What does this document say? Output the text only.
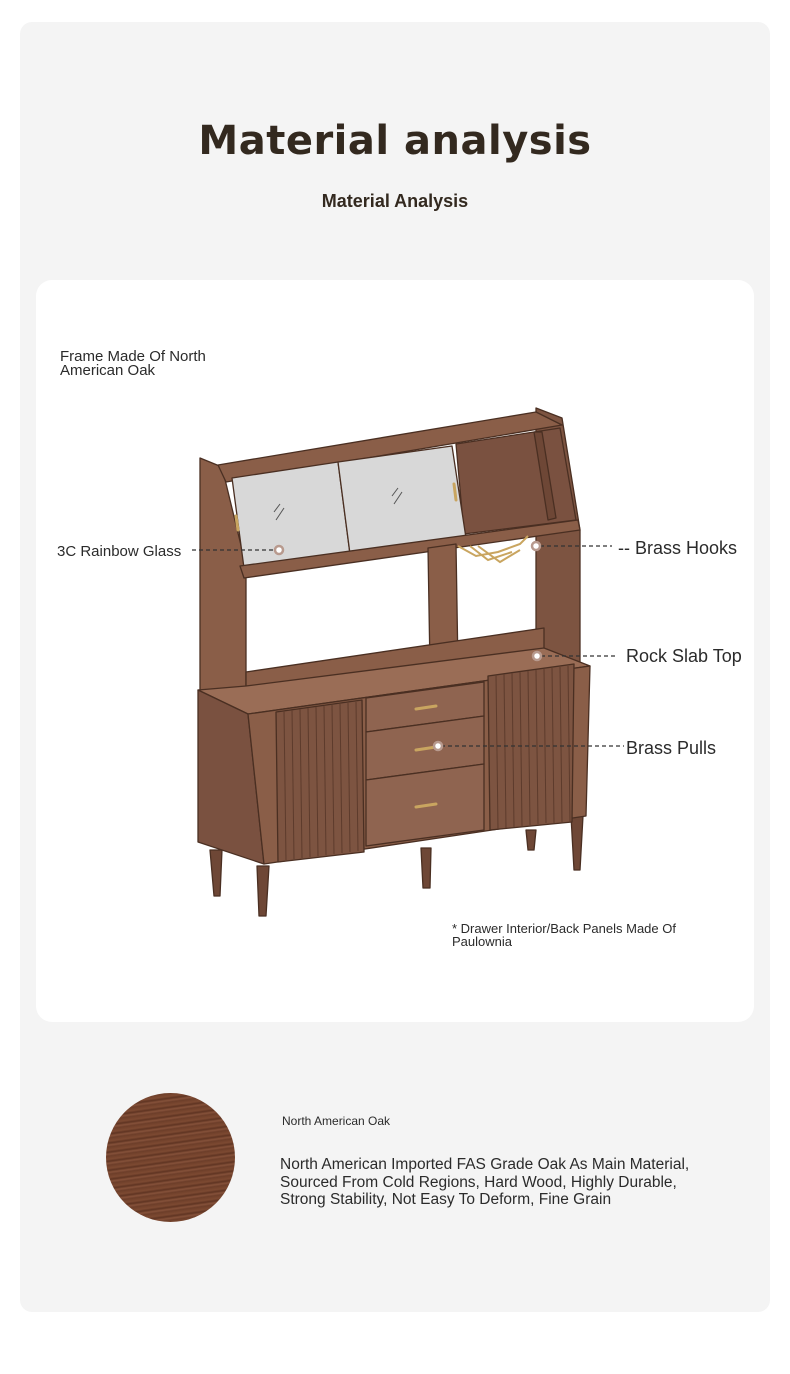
Material analysis
Material Analysis
Frame Made Of North American Oak
3C Rainbow Glass	-- Brass Hooks
Rock Slab Top
Brass Pulls
* Drawer Interior/Back Panels Made Of Paulownia
North American Oak
North American Imported FAS Grade Oak As Main Material, Sourced From Cold Regions, Hard Wood, Highly Durable, Strong Stability, Not Easy To Deform, Fine Grain
